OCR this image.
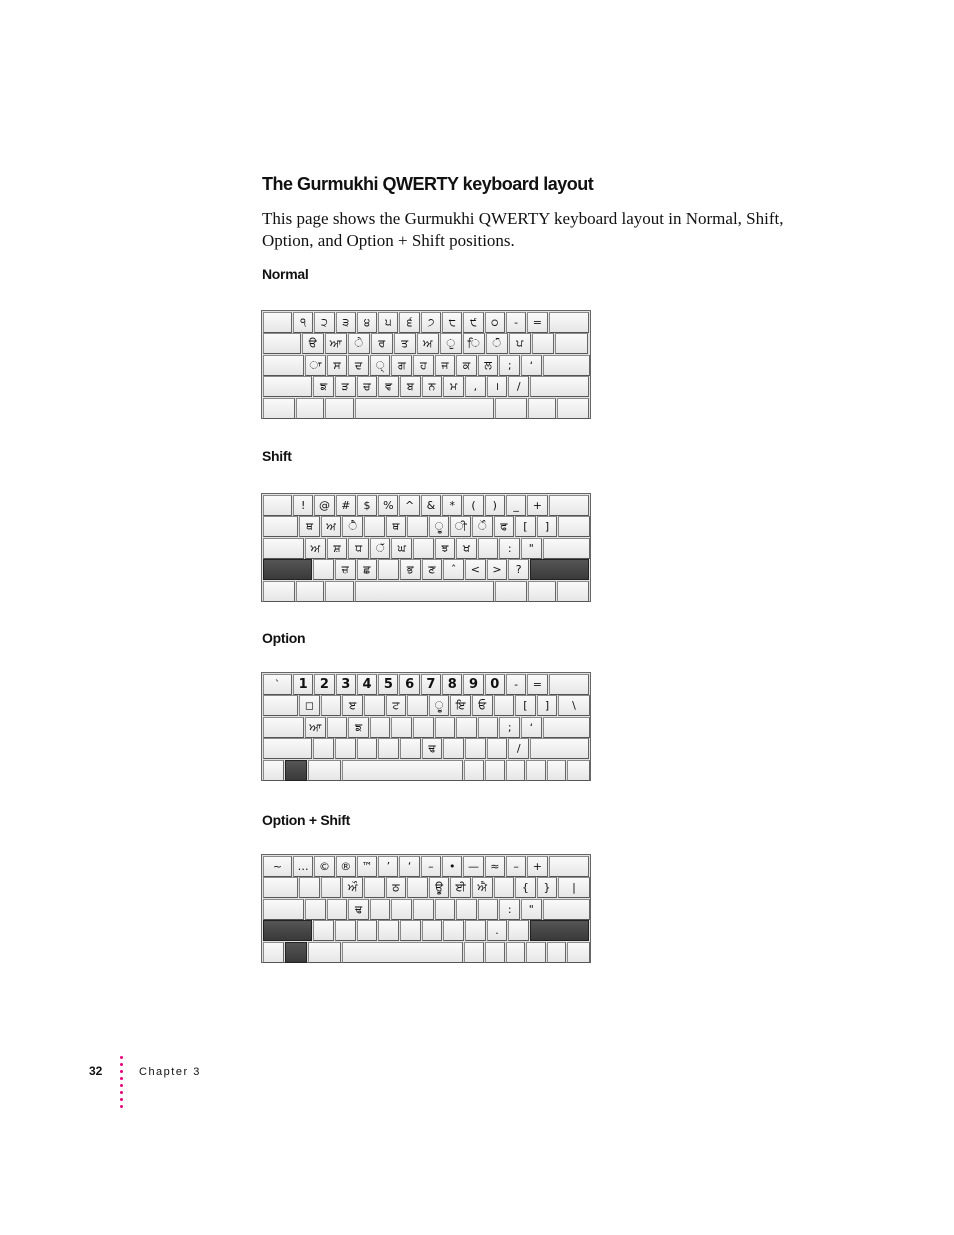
The Gurmukhi QWERTY keyboard layout

This page shows the Gurmukhi QWERTY keyboard layout in Normal, Shift, Option, and Option + Shift positions.

Normal
੧	੨	੩	੪	੫	੬	੭	੮	੯	੦	-	=
ੳ	ਆ	ੇ	ਰ	ਤ	ਅ	ੁ	ਿ	ੋ	ਪ
ਾ	ਸ	ਦ	੍	ਗ	ਹ	ਜ	ਕ	ਲ	;	ʻ
ਙ	ੜ	ਚ	ਵ	ਬ	ਨ	ਮ	,	।	/
Shift
!	@	#	$	%	^	&	*	(	)	_	+
ਥ	ਅ	ੈ	ਥ	ੂ	ੀ	ੌ	ਫ	[	]
ਅ	ਸ਼	ਧ	ੱ	ਘ	ਝ	ਖ	:	"
ਜ਼	ਛ	ਭ	ਣ	ˆ	<	>	?
Option
`	1 2 3 4 5 6 7 8 9 0	-	=
◻	ੲ	ਟ	ੂ	ਇ	ਓ	[	]	\
ਆ	ਙ	;	ʻ
ਢ	/
Option + Shift
~	… © ® ™	’	‘	–	•	—	≈	–	+
ਔ	ਠ	ਊ	ਈ	ਐ	{	}	|
ਢ	:	"
.
32	Chapter 3
